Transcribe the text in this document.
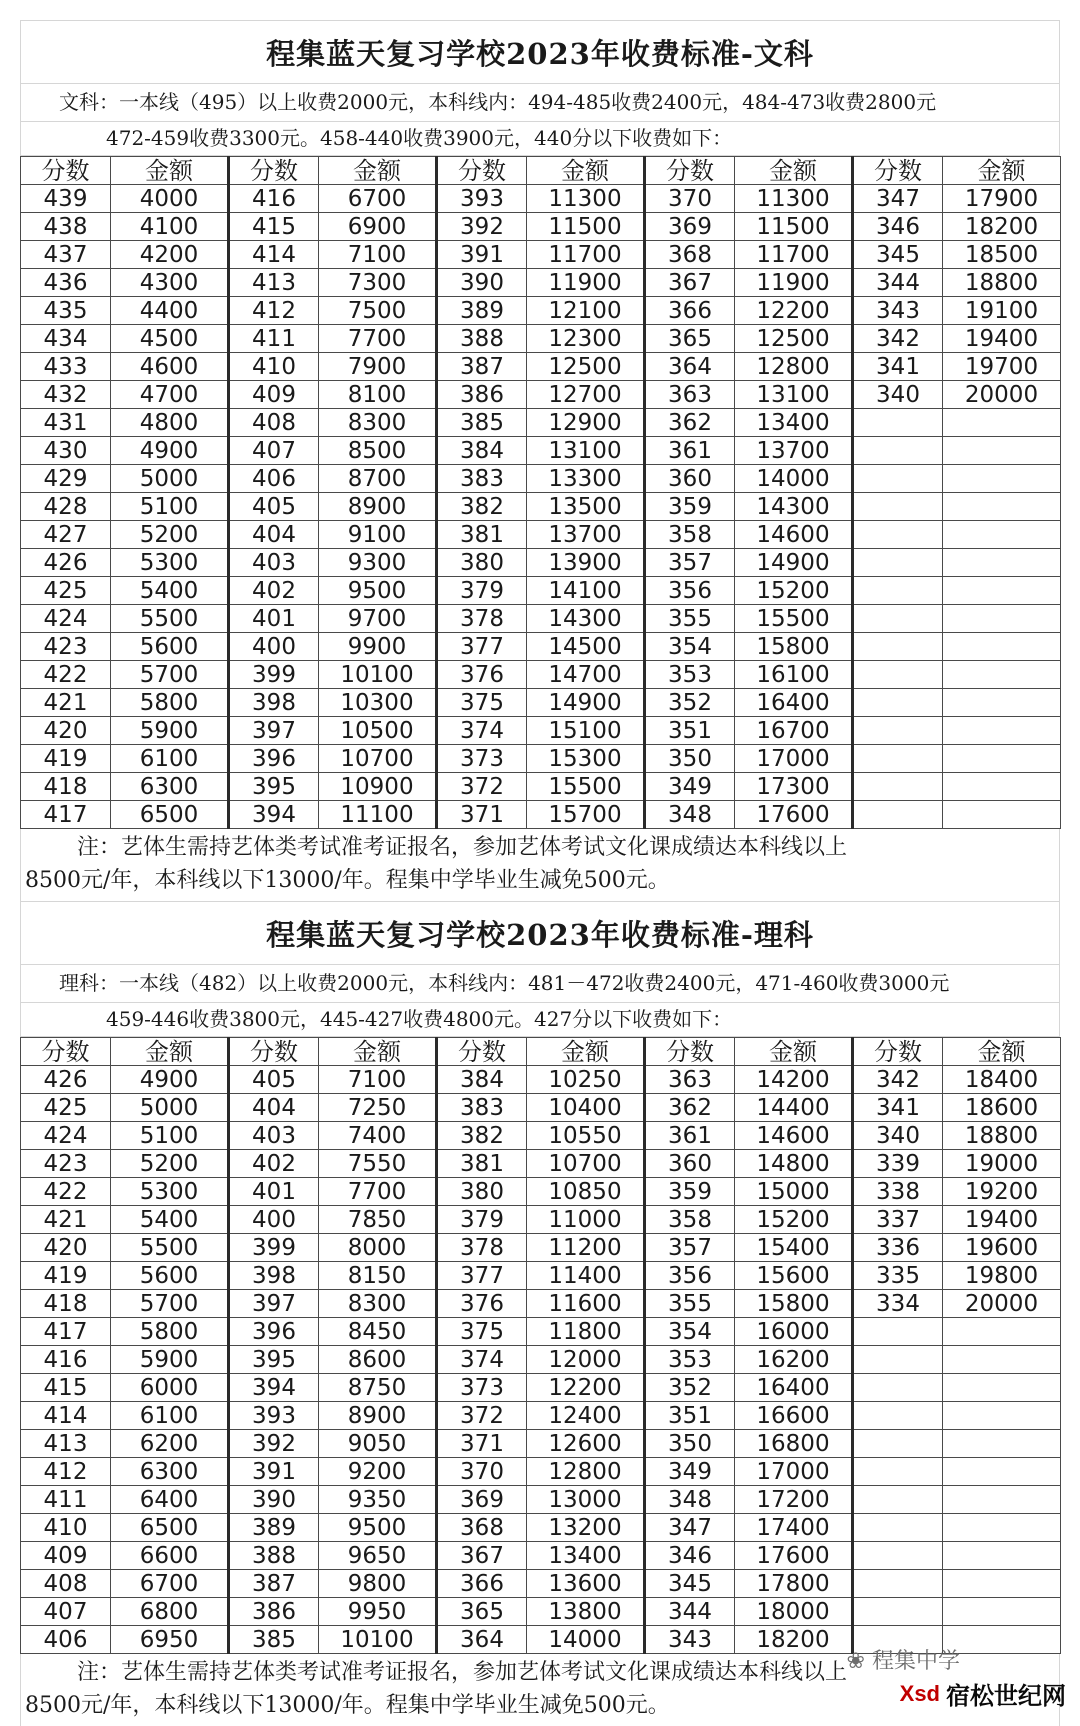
程集蓝天复习学校2023年收费标准-文科
文科：一本线（495）以上收费2000元，本科线内：494-485收费2400元，484-473收费2800元
472-459收费3300元。458-440收费3900元，440分以下收费如下：
分数	金额	分数	金额	分数	金额	分数	金额	分数	金额
439	4000	416	6700	393	11300	370	11300	347	17900
438	4100	415	6900	392	11500	369	11500	346	18200
437	4200	414	7100	391	11700	368	11700	345	18500
436	4300	413	7300	390	11900	367	11900	344	18800
435	4400	412	7500	389	12100	366	12200	343	19100
434	4500	411	7700	388	12300	365	12500	342	19400
433	4600	410	7900	387	12500	364	12800	341	19700
432	4700	409	8100	386	12700	363	13100	340	20000
431	4800	408	8300	385	12900	362	13400		
430	4900	407	8500	384	13100	361	13700		
429	5000	406	8700	383	13300	360	14000		
428	5100	405	8900	382	13500	359	14300		
427	5200	404	9100	381	13700	358	14600		
426	5300	403	9300	380	13900	357	14900		
425	5400	402	9500	379	14100	356	15200		
424	5500	401	9700	378	14300	355	15500		
423	5600	400	9900	377	14500	354	15800		
422	5700	399	10100	376	14700	353	16100		
421	5800	398	10300	375	14900	352	16400		
420	5900	397	10500	374	15100	351	16700		
419	6100	396	10700	373	15300	350	17000		
418	6300	395	10900	372	15500	349	17300		
417	6500	394	11100	371	15700	348	17600		
注：艺体生需持艺体类考试准考证报名，参加艺体考试文化课成绩达本科线以上
8500元/年，本科线以下13000/年。程集中学毕业生减免500元。
程集蓝天复习学校2023年收费标准-理科
理科：一本线（482）以上收费2000元，本科线内：481－472收费2400元，471-460收费3000元
459-446收费3800元，445-427收费4800元。427分以下收费如下：
分数	金额	分数	金额	分数	金额	分数	金额	分数	金额
426	4900	405	7100	384	10250	363	14200	342	18400
425	5000	404	7250	383	10400	362	14400	341	18600
424	5100	403	7400	382	10550	361	14600	340	18800
423	5200	402	7550	381	10700	360	14800	339	19000
422	5300	401	7700	380	10850	359	15000	338	19200
421	5400	400	7850	379	11000	358	15200	337	19400
420	5500	399	8000	378	11200	357	15400	336	19600
419	5600	398	8150	377	11400	356	15600	335	19800
418	5700	397	8300	376	11600	355	15800	334	20000
417	5800	396	8450	375	11800	354	16000		
416	5900	395	8600	374	12000	353	16200		
415	6000	394	8750	373	12200	352	16400		
414	6100	393	8900	372	12400	351	16600		
413	6200	392	9050	371	12600	350	16800		
412	6300	391	9200	370	12800	349	17000		
411	6400	390	9350	369	13000	348	17200		
410	6500	389	9500	368	13200	347	17400		
409	6600	388	9650	367	13400	346	17600		
408	6700	387	9800	366	13600	345	17800		
407	6800	386	9950	365	13800	344	18000		
406	6950	385	10100	364	14000	343	18200		
注：艺体生需持艺体类考试准考证报名，参加艺体考试文化课成绩达本科线以上
8500元/年，本科线以下13000/年。程集中学毕业生减免500元。
❀ 程集中学
Xsd 宿松世纪网
